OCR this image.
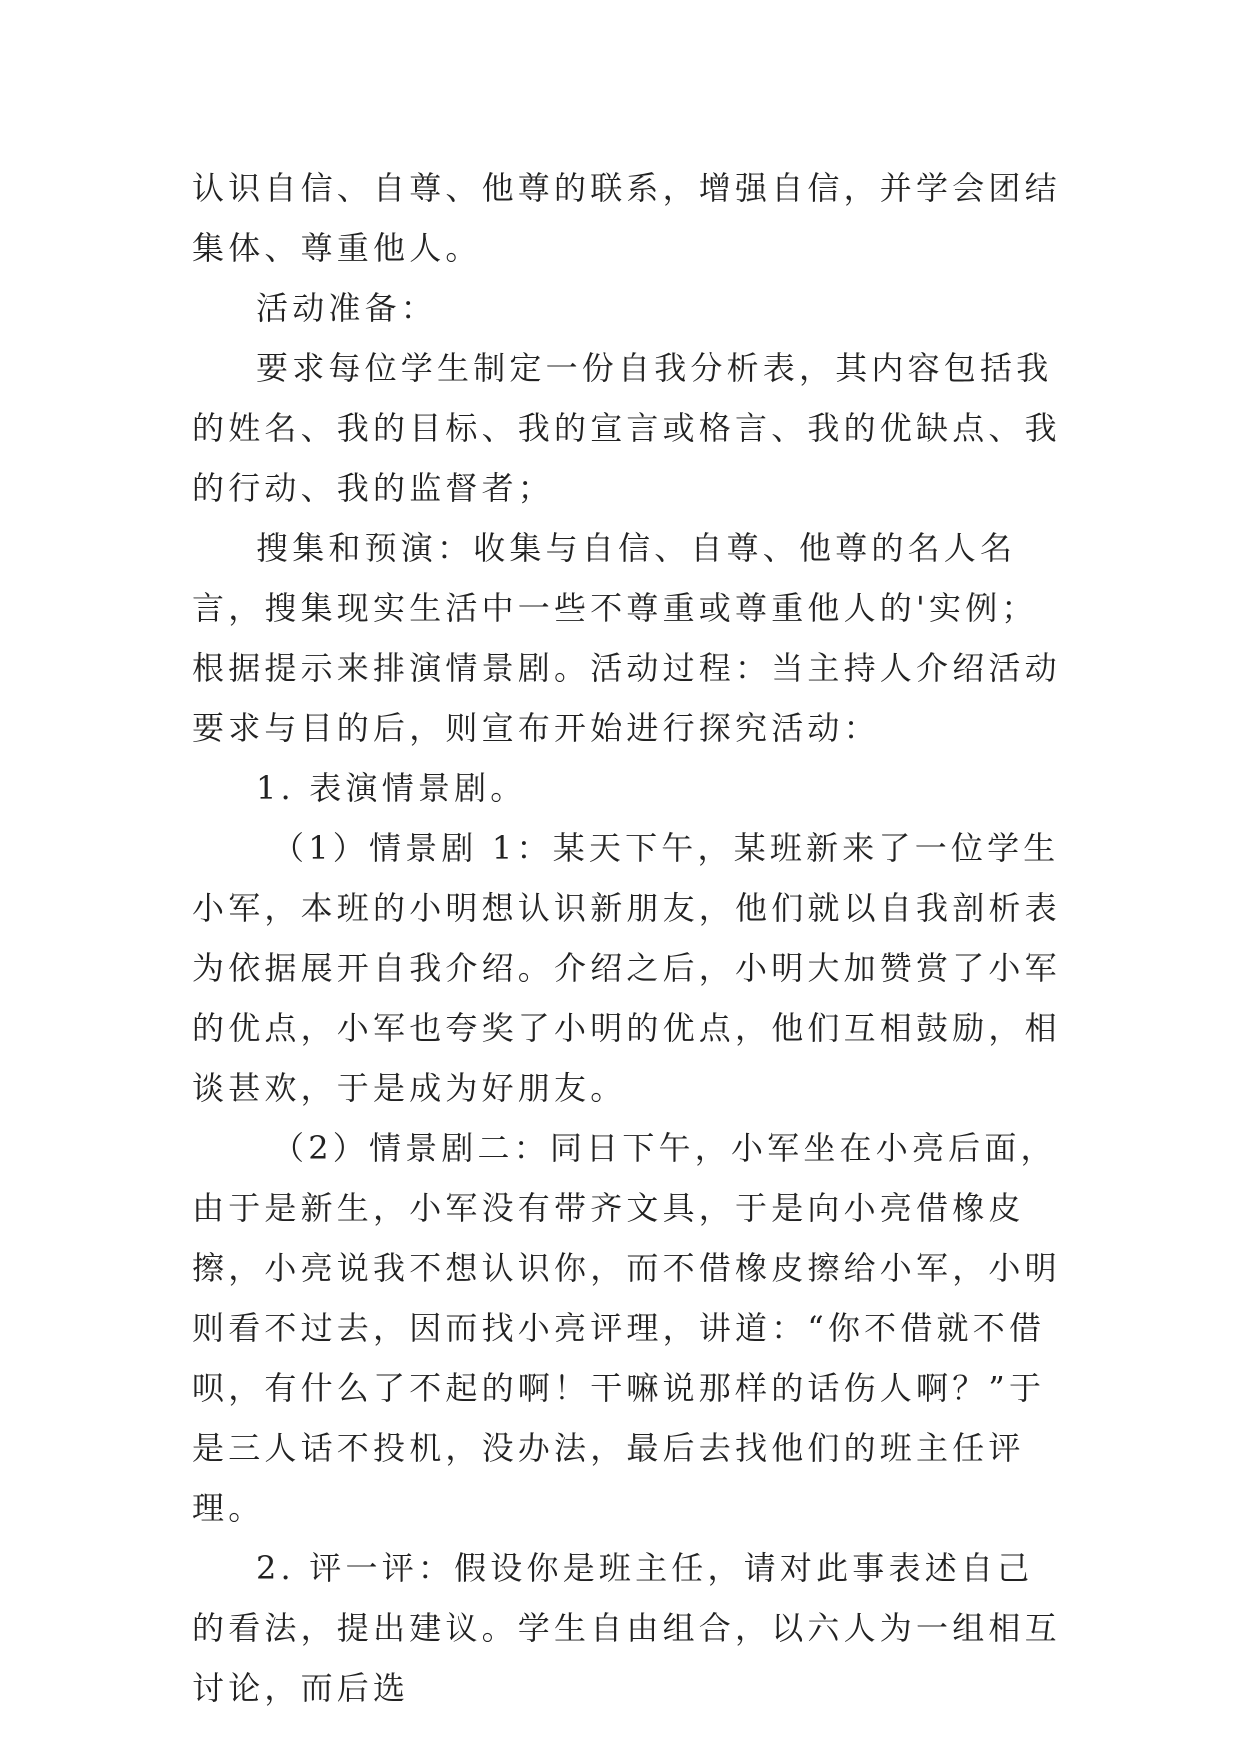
认识自信、自尊、他尊的联系，增强自信，并学会团结集体、尊重他人。

活动准备：

要求每位学生制定一份自我分析表，其内容包括我的姓名、我的目标、我的宣言或格言、我的优缺点、我的行动、我的监督者；

搜集和预演：收集与自信、自尊、他尊的名人名言，搜集现实生活中一些不尊重或尊重他人的'实例；根据提示来排演情景剧。活动过程：当主持人介绍活动要求与目的后，则宣布开始进行探究活动：

1. 表演情景剧。

（1）情景剧 1：某天下午，某班新来了一位学生小军，本班的小明想认识新朋友，他们就以自我剖析表为依据展开自我介绍。介绍之后，小明大加赞赏了小军的优点，小军也夸奖了小明的优点，他们互相鼓励，相谈甚欢，于是成为好朋友。

（2）情景剧二：同日下午，小军坐在小亮后面，由于是新生，小军没有带齐文具，于是向小亮借橡皮擦，小亮说我不想认识你，而不借橡皮擦给小军，小明则看不过去，因而找小亮评理，讲道：“你不借就不借呗，有什么了不起的啊！干嘛说那样的话伤人啊？”于是三人话不投机，没办法，最后去找他们的班主任评理。

2. 评一评：假设你是班主任，请对此事表述自己的看法，提出建议。学生自由组合，以六人为一组相互讨论，而后选
